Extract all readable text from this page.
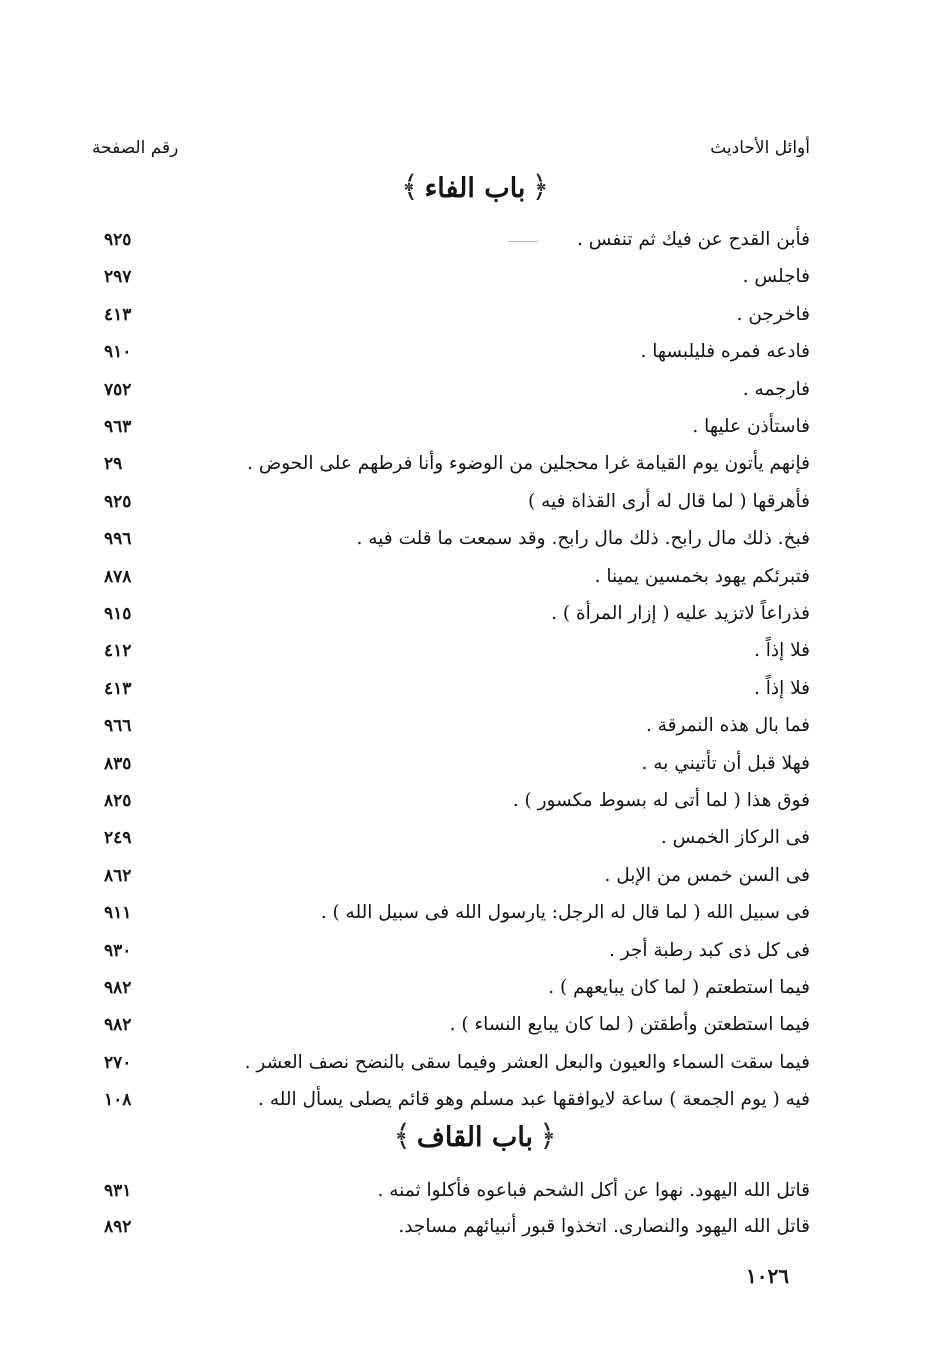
أوائل الأحاديث
رقم الصفحة
﴿باب الفاء﴾
فأبن القدح عن فيك ثم تنفس .
٩٢٥
فاجلس .
٢٩٧
فاخرجن .
٤١٣
فادعه فمره فليلبسها .
٩١٠
فارجمه .
٧٥٢
فاستأذن عليها .
٩٦٣
فإنهم يأتون يوم القيامة غرا محجلين من الوضوء وأنا فرطهم على الحوض .
٢٩
فأهرقها ( لما قال له أرى القذاة فيه )
٩٢٥
فبخ. ذلك مال رابح. ذلك مال رابح. وقد سمعت ما قلت فيه .
٩٩٦
فتبرئكم يهود بخمسين يمينا .
٨٧٨
فذراعاً لاتزيد عليه ( إزار المرأة ) .
٩١٥
فلا إذاً .
٤١٢
فلا إذاً .
٤١٣
فما بال هذه النمرقة .
٩٦٦
فهلا قبل أن تأتيني به .
٨٣٥
فوق هذا ( لما أتى له بسوط مكسور ) .
٨٢٥
فى الركاز الخمس .
٢٤٩
فى السن خمس من الإبل .
٨٦٢
فى سبيل الله ( لما قال له الرجل: يارسول الله فى سبيل الله ) .
٩١١
فى كل ذى كبد رطبة أجر .
٩٣٠
فيما استطعتم ( لما كان يبايعهم ) .
٩٨٢
فيما استطعتن وأطقتن ( لما كان يبايع النساء ) .
٩٨٢
فيما سقت السماء والعيون والبعل العشر وفيما سقى بالنضح نصف العشر .
٢٧٠
فيه ( يوم الجمعة ) ساعة لايوافقها عبد مسلم وهو قائم يصلى يسأل الله .
١٠٨
﴿باب القاف﴾
قاتل الله اليهود. نهوا عن أكل الشحم فباعوه فأكلوا ثمنه .
٩٣١
قاتل الله اليهود والنصارى. اتخذوا قبور أنبيائهم مساجد.
٨٩٢
١٠٢٦
